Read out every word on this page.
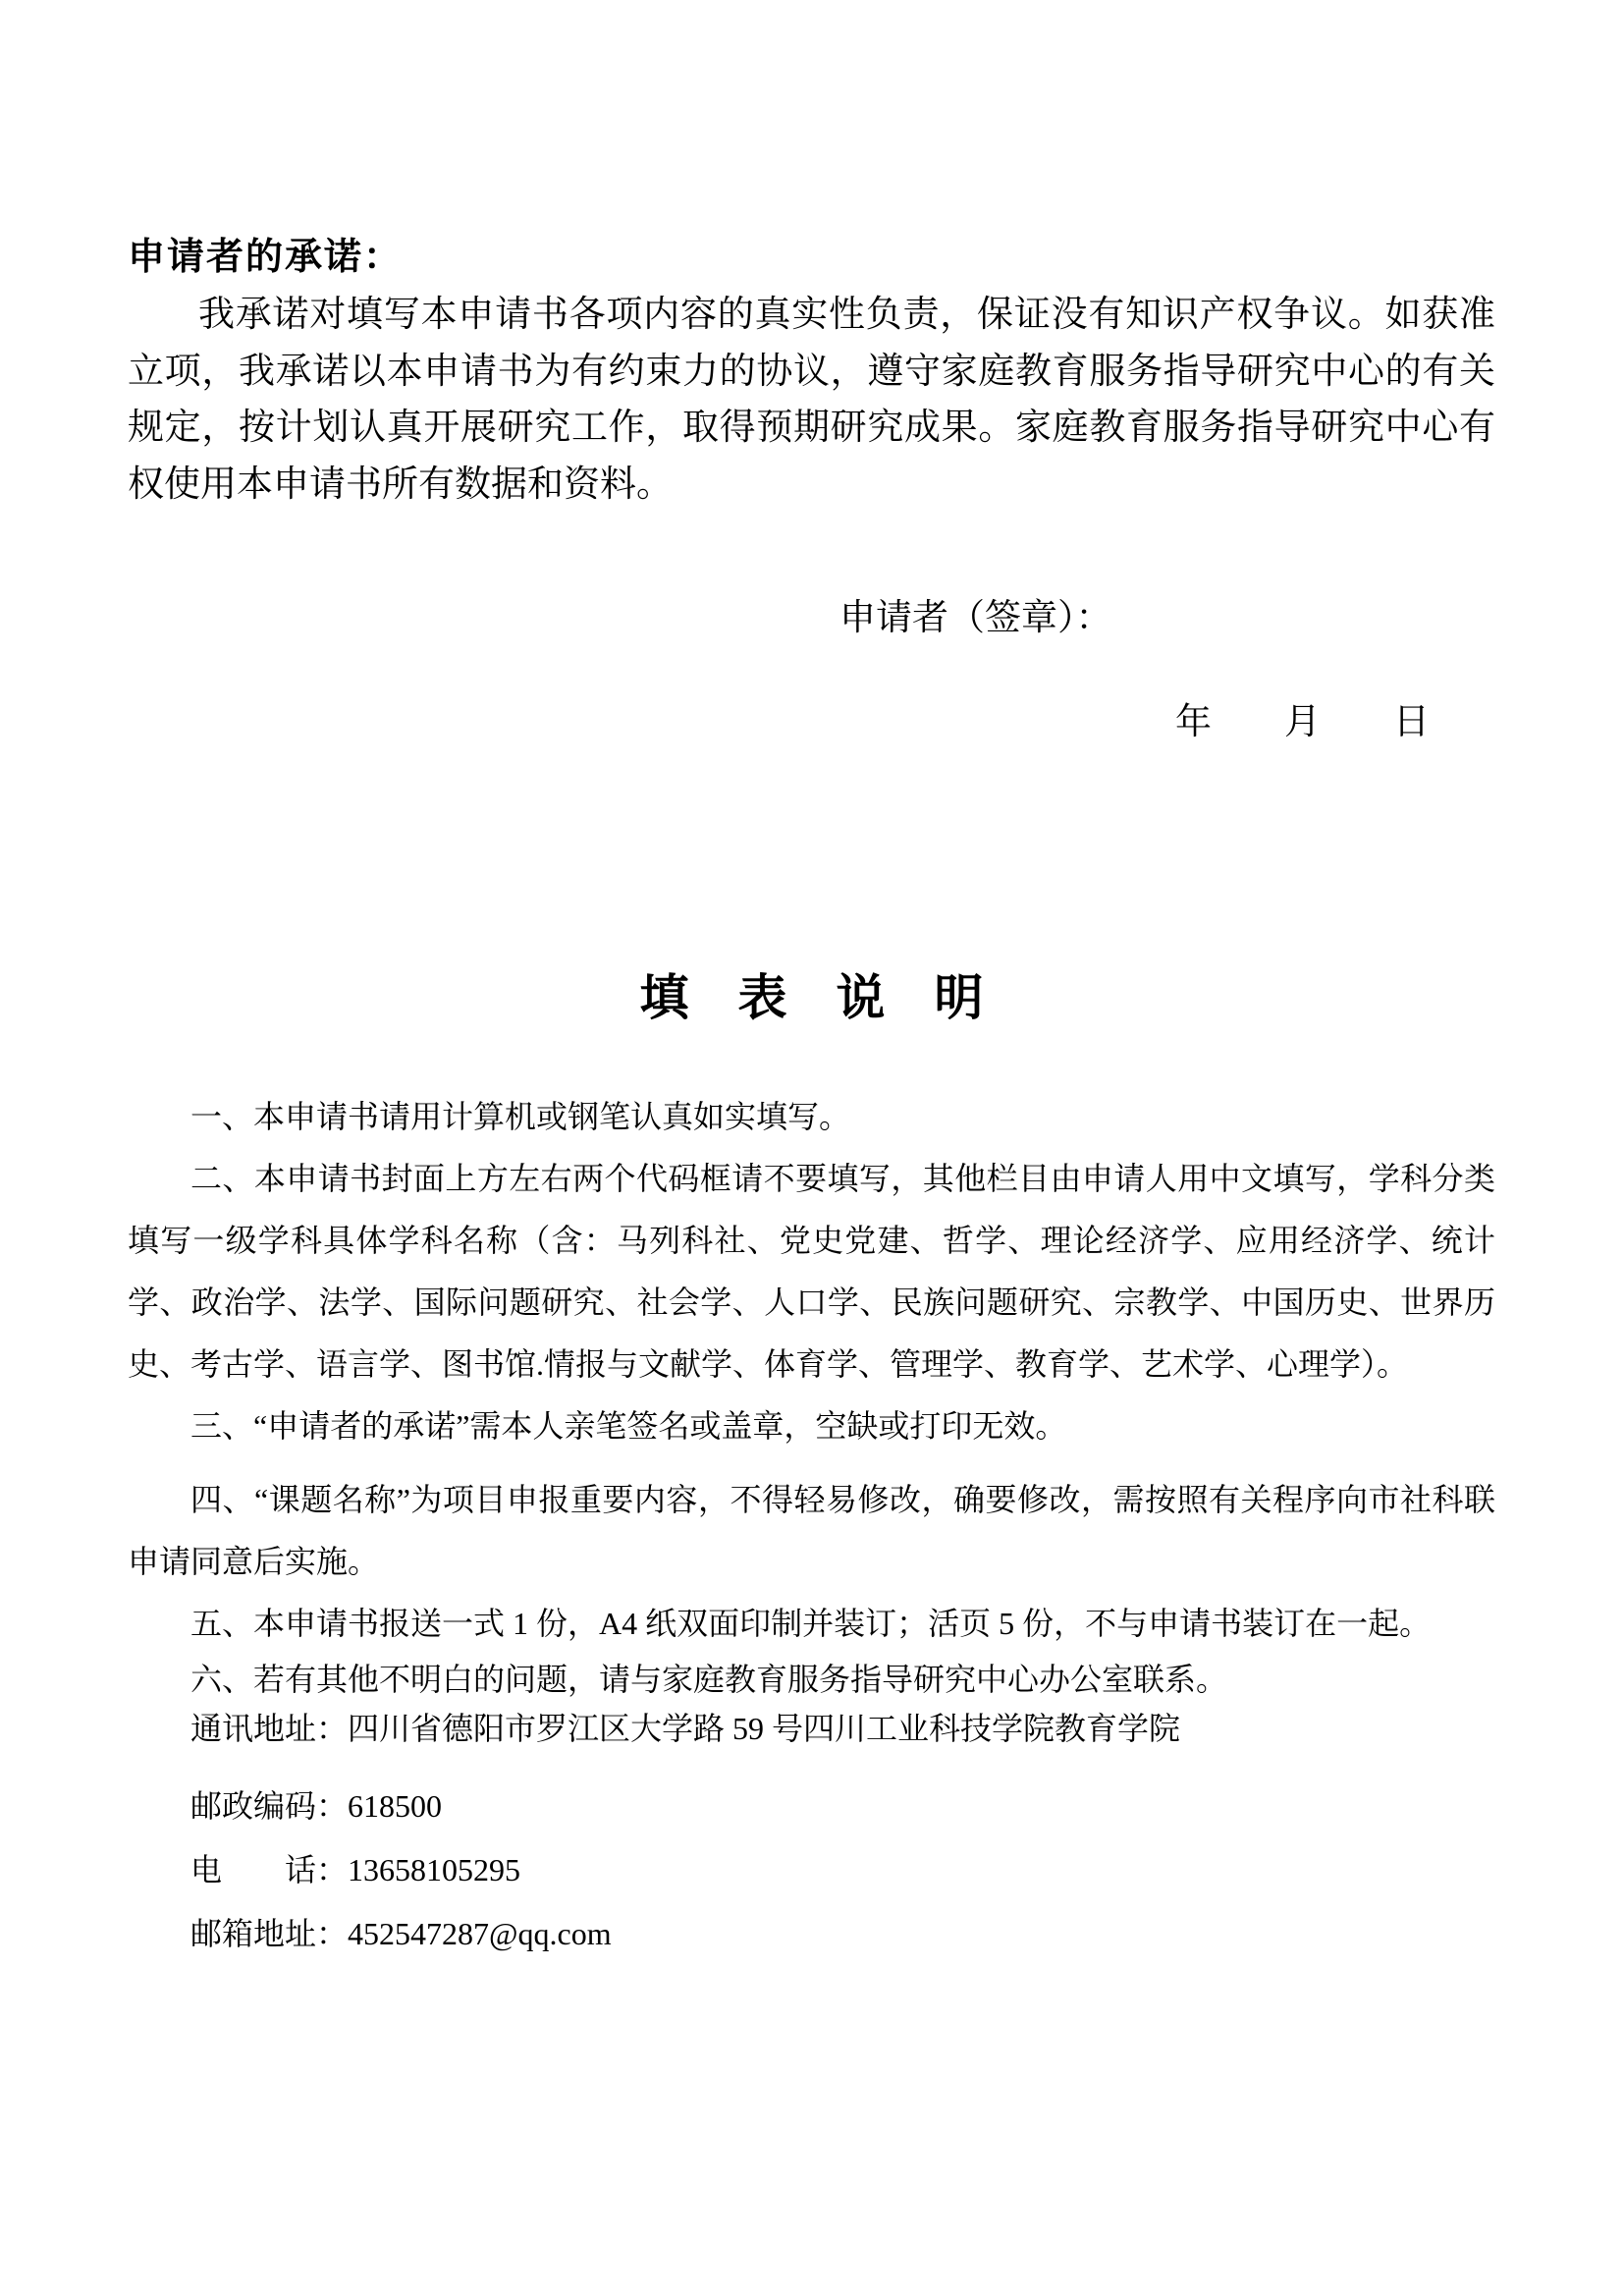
申请者的承诺：

我承诺对填写本申请书各项内容的真实性负责，保证没有知识产权争议。如获准立项，我承诺以本申请书为有约束力的协议，遵守家庭教育服务指导研究中心的有关规定，按计划认真开展研究工作，取得预期研究成果。家庭教育服务指导研究中心有权使用本申请书所有数据和资料。

申请者（签章）：

年　　月　　日

填　表　说　明

一、本申请书请用计算机或钢笔认真如实填写。

二、本申请书封面上方左右两个代码框请不要填写，其他栏目由申请人用中文填写，学科分类填写一级学科具体学科名称（含：马列科社、党史党建、哲学、理论经济学、应用经济学、统计学、政治学、法学、国际问题研究、社会学、人口学、民族问题研究、宗教学、中国历史、世界历史、考古学、语言学、图书馆.情报与文献学、体育学、管理学、教育学、艺术学、心理学）。

三、“申请者的承诺”需本人亲笔签名或盖章，空缺或打印无效。

四、“课题名称”为项目申报重要内容，不得轻易修改，确要修改，需按照有关程序向市社科联申请同意后实施。

五、本申请书报送一式 1 份，A4 纸双面印制并装订；活页 5 份，不与申请书装订在一起。

六、若有其他不明白的问题，请与家庭教育服务指导研究中心办公室联系。

通讯地址：四川省德阳市罗江区大学路 59 号四川工业科技学院教育学院

邮政编码：618500

电　　话：13658105295

邮箱地址：452547287@qq.com
